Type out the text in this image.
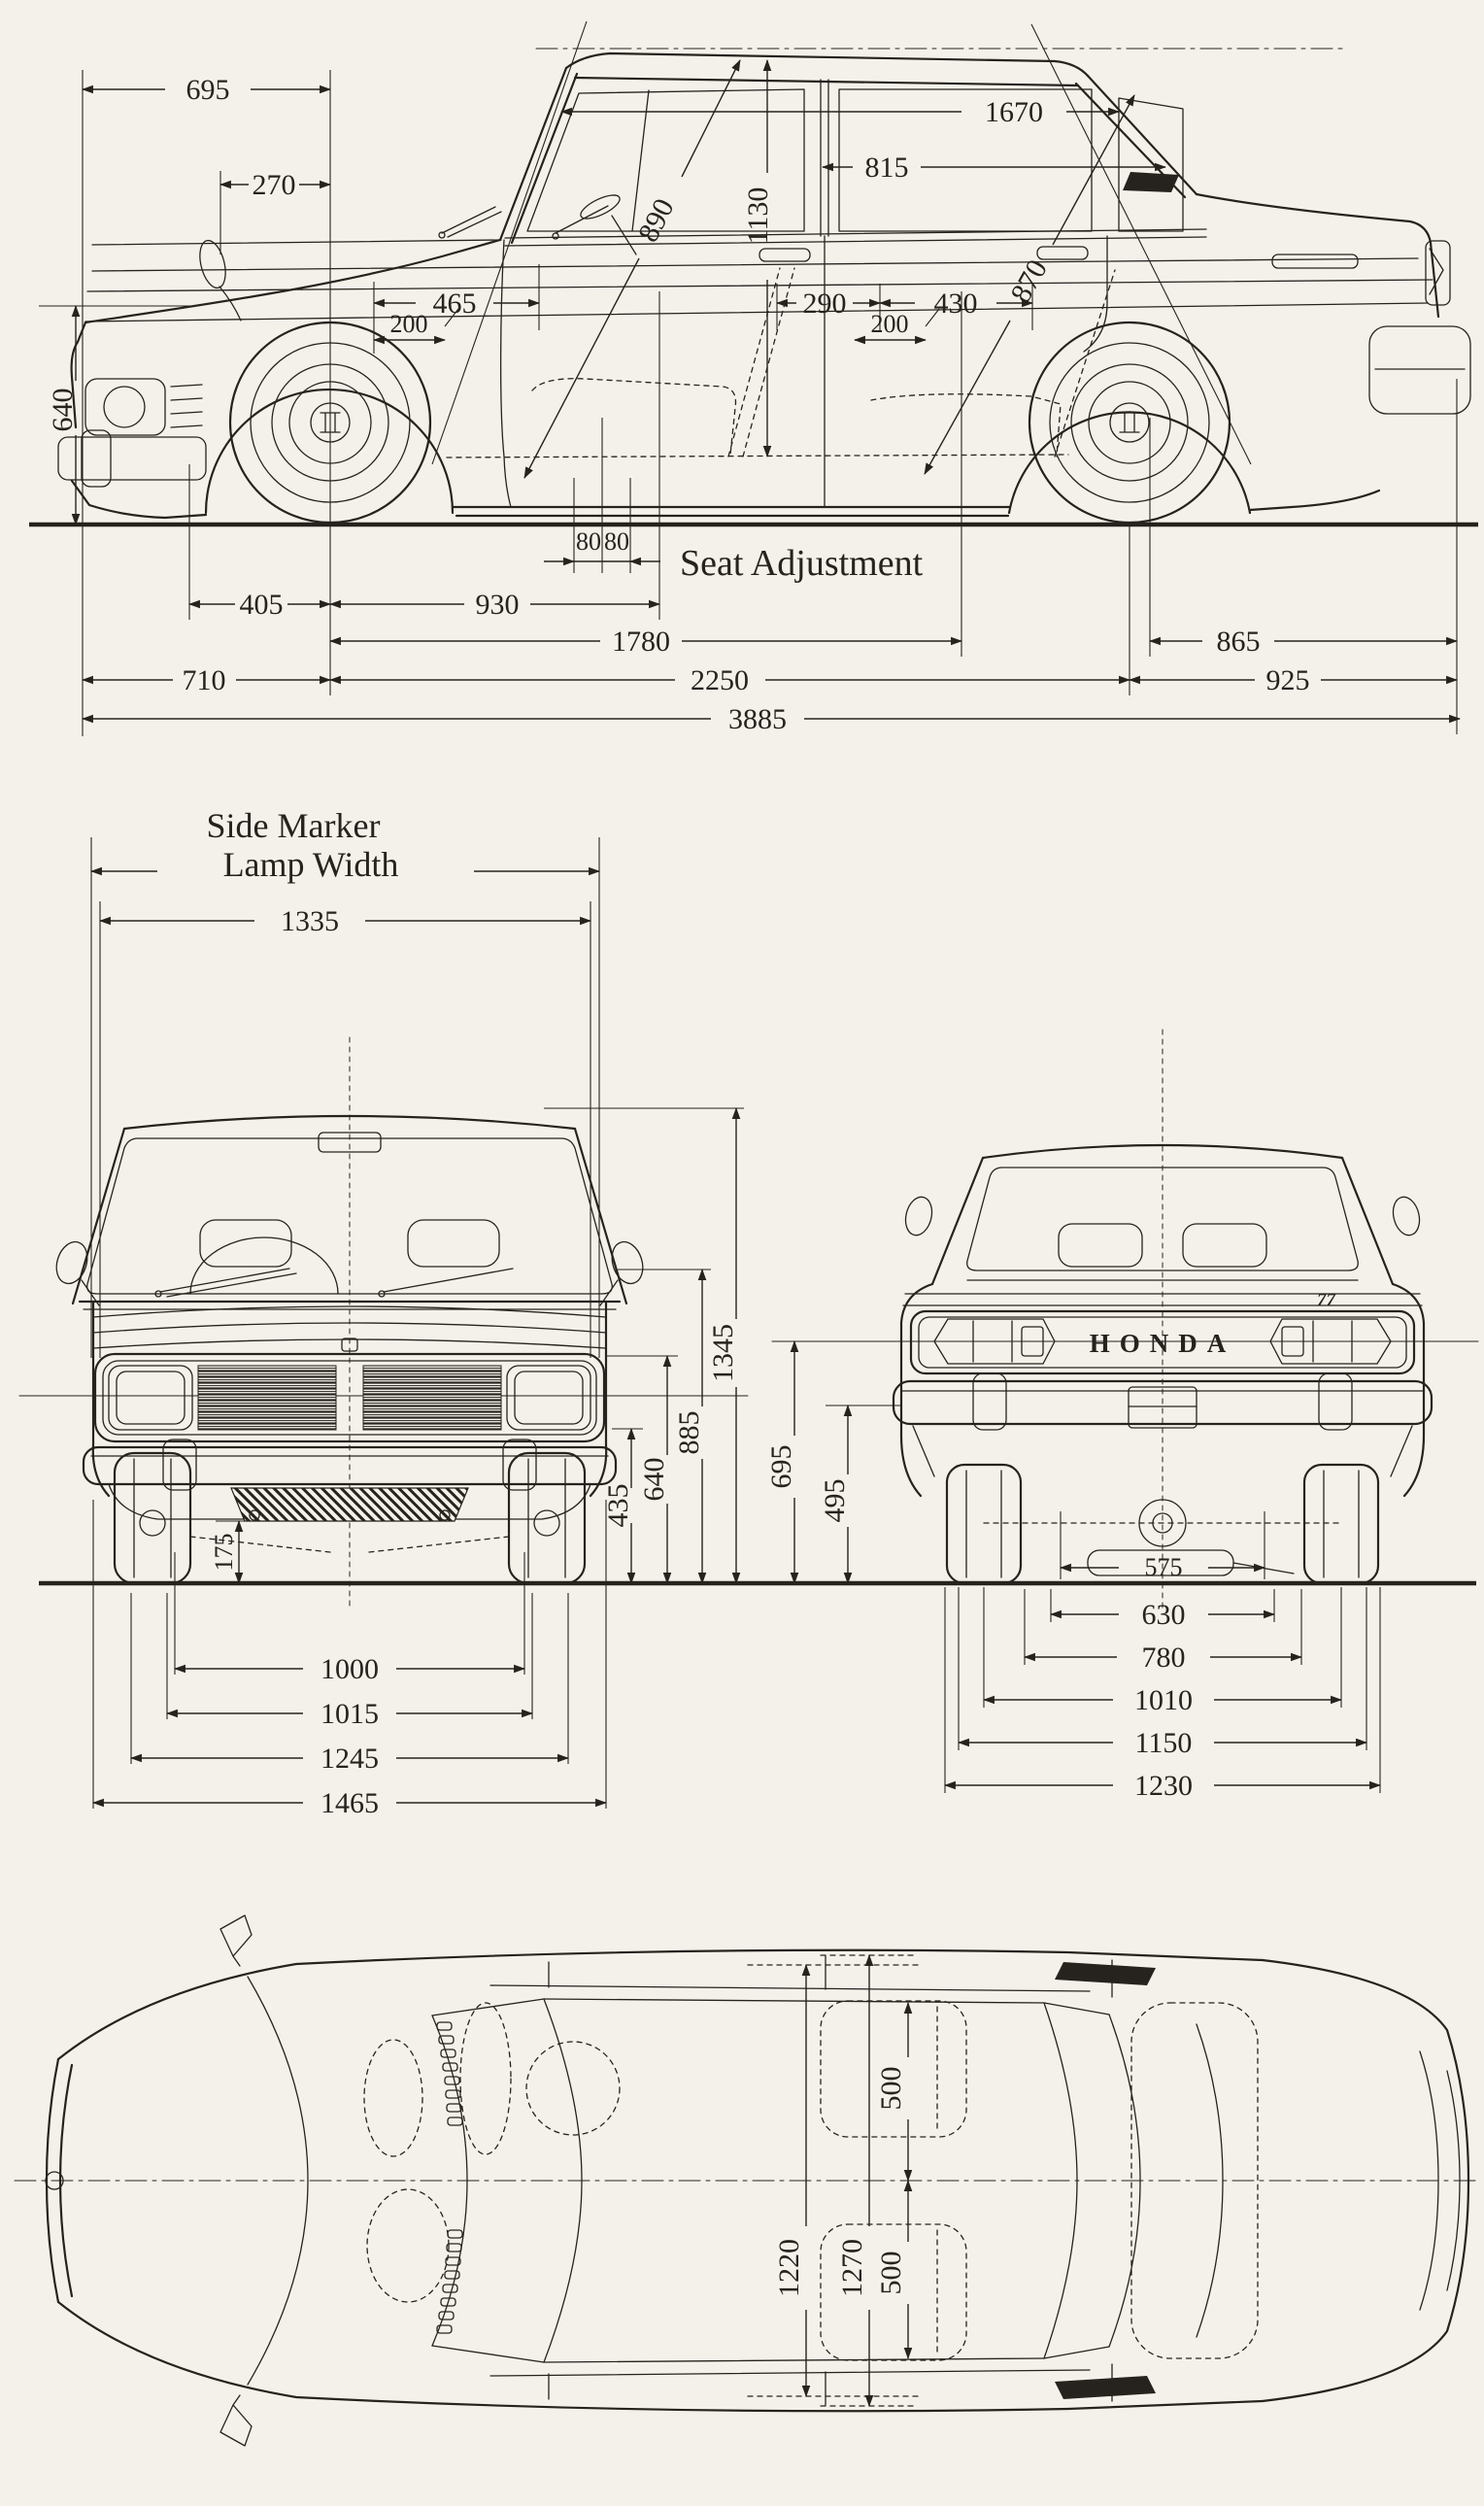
695
270
1670
815
890 1130
870
465
200
290	430
200
640
80 80
Seat Adjustment
405	930
1780	865
710	2250	925
3885
Side Marker
Lamp Width
1335
435
640
885
1345
175
1000
1015
1245
1465
HONDA
77
695
495
575
630
780
1010
1150
1230
500
500
1220 1270
